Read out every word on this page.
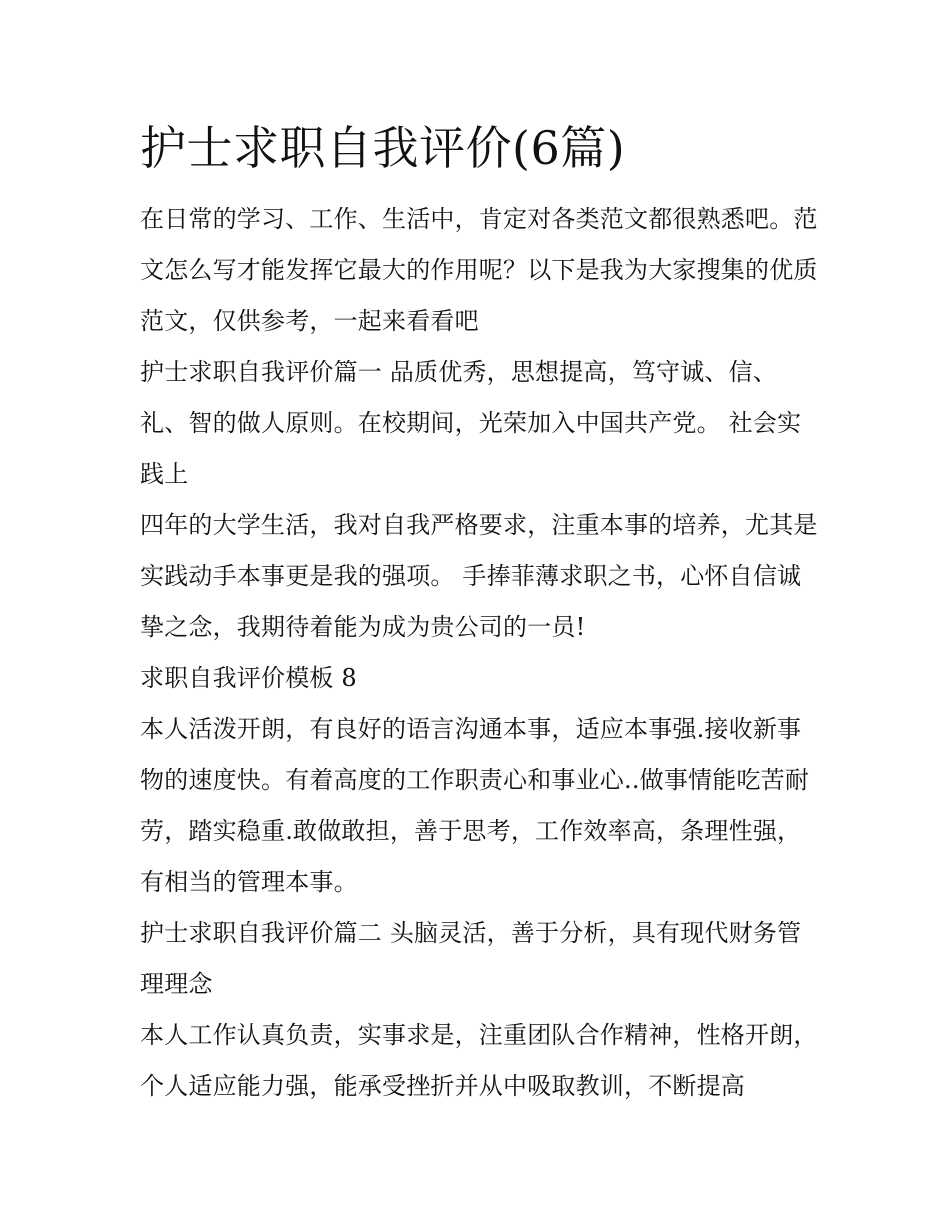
护士求职自我评价(6篇)

在日常的学习、工作、生活中，肯定对各类范文都很熟悉吧。范文怎么写才能发挥它最大的作用呢？以下是我为大家搜集的优质范文，仅供参考，一起来看看吧

护士求职自我评价篇一 品质优秀，思想提高，笃守诚、信、礼、智的做人原则。在校期间，光荣加入中国共产党。 社会实践上

四年的大学生活，我对自我严格要求，注重本事的培养，尤其是实践动手本事更是我的强项。 手捧菲薄求职之书，心怀自信诚挚之念，我期待着能为成为贵公司的一员!

求职自我评价模板 8

本人活泼开朗，有良好的语言沟通本事，适应本事强.接收新事物的速度快。有着高度的工作职责心和事业心..做事情能吃苦耐劳，踏实稳重.敢做敢担，善于思考，工作效率高，条理性强，有相当的管理本事。

护士求职自我评价篇二 头脑灵活，善于分析，具有现代财务管理理念

本人工作认真负责，实事求是，注重团队合作精神，性格开朗，个人适应能力强，能承受挫折并从中吸取教训，不断提高
